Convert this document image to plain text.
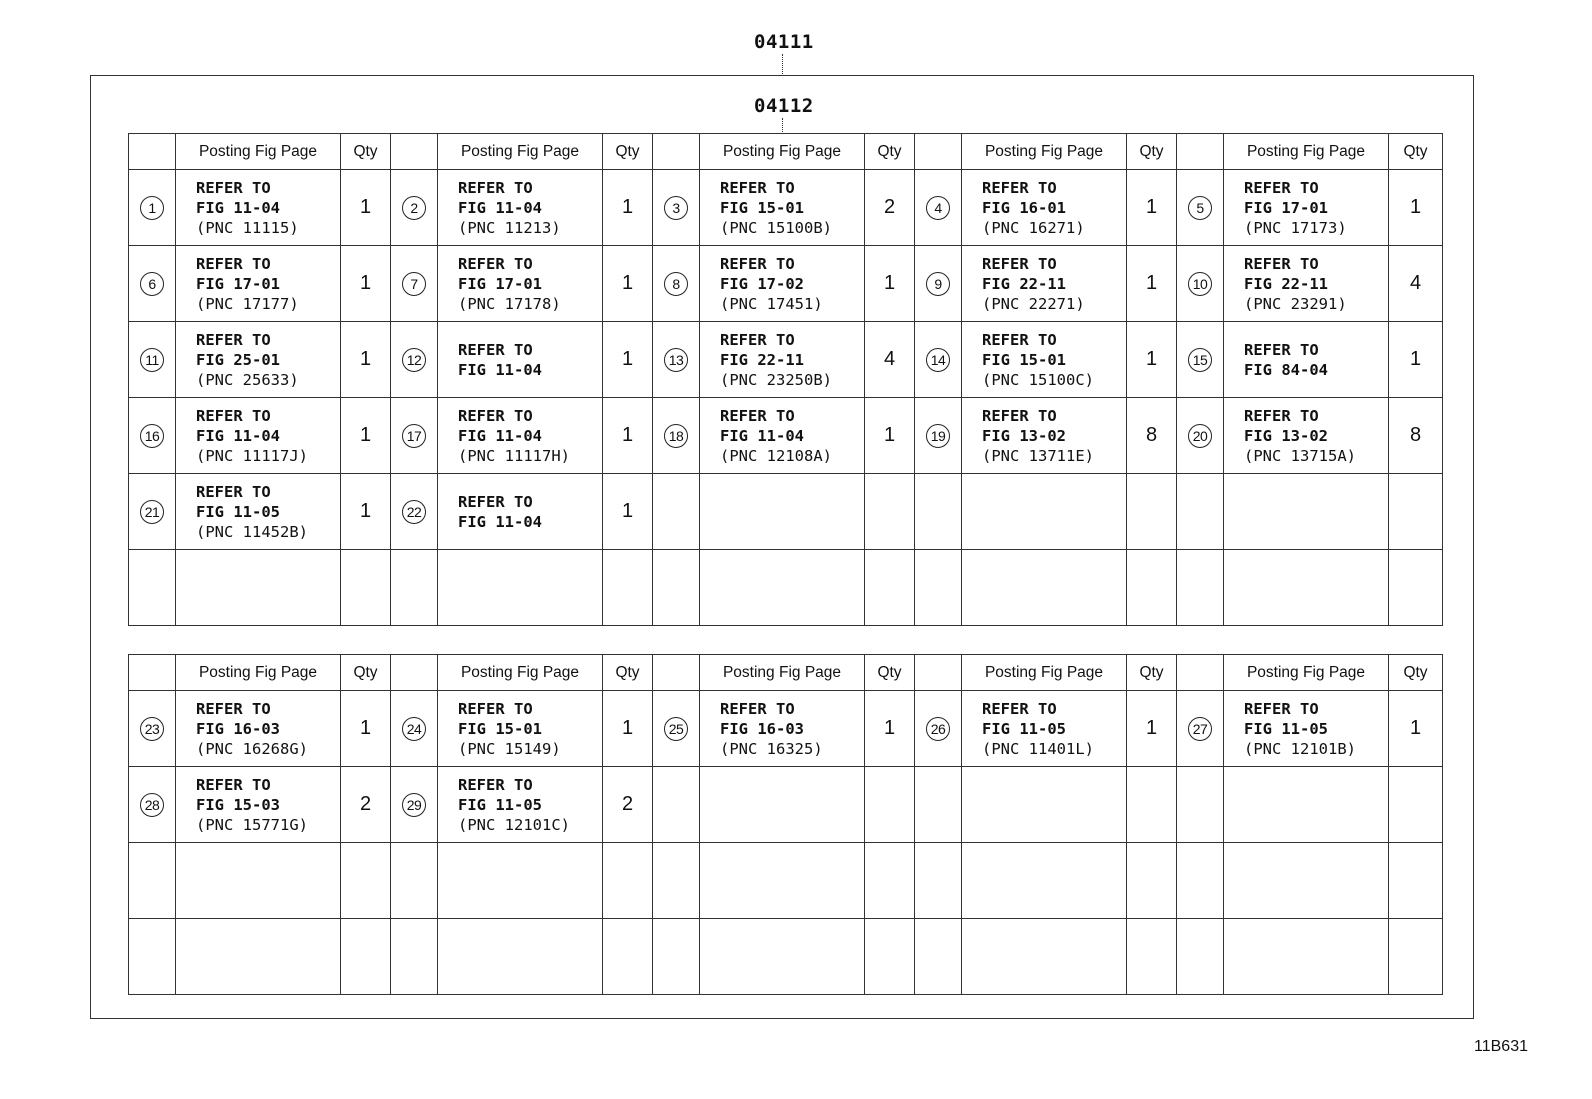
04111
04112
	Posting Fig Page	Qty		Posting Fig Page	Qty		Posting Fig Page	Qty		Posting Fig Page	Qty		Posting Fig Page	Qty
1	REFER TO
FIG 11-04
(PNC 11115)	1	2	REFER TO
FIG 11-04
(PNC 11213)	1	3	REFER TO
FIG 15-01
(PNC 15100B)	2	4	REFER TO
FIG 16-01
(PNC 16271)	1	5	REFER TO
FIG 17-01
(PNC 17173)	1
6	REFER TO
FIG 17-01
(PNC 17177)	1	7	REFER TO
FIG 17-01
(PNC 17178)	1	8	REFER TO
FIG 17-02
(PNC 17451)	1	9	REFER TO
FIG 22-11
(PNC 22271)	1	10	REFER TO
FIG 22-11
(PNC 23291)	4
11	REFER TO
FIG 25-01
(PNC 25633)	1	12	REFER TO
FIG 11-04	1	13	REFER TO
FIG 22-11
(PNC 23250B)	4	14	REFER TO
FIG 15-01
(PNC 15100C)	1	15	REFER TO
FIG 84-04	1
16	REFER TO
FIG 11-04
(PNC 11117J)	1	17	REFER TO
FIG 11-04
(PNC 11117H)	1	18	REFER TO
FIG 11-04
(PNC 12108A)	1	19	REFER TO
FIG 13-02
(PNC 13711E)	8	20	REFER TO
FIG 13-02
(PNC 13715A)	8
21	REFER TO
FIG 11-05
(PNC 11452B)	1	22	REFER TO
FIG 11-04	1									

	Posting Fig Page	Qty		Posting Fig Page	Qty		Posting Fig Page	Qty		Posting Fig Page	Qty		Posting Fig Page	Qty
23	REFER TO
FIG 16-03
(PNC 16268G)	1	24	REFER TO
FIG 15-01
(PNC 15149)	1	25	REFER TO
FIG 16-03
(PNC 16325)	1	26	REFER TO
FIG 11-05
(PNC 11401L)	1	27	REFER TO
FIG 11-05
(PNC 12101B)	1
28	REFER TO
FIG 15-03
(PNC 15771G)	2	29	REFER TO
FIG 11-05
(PNC 12101C)	2									

11B631
